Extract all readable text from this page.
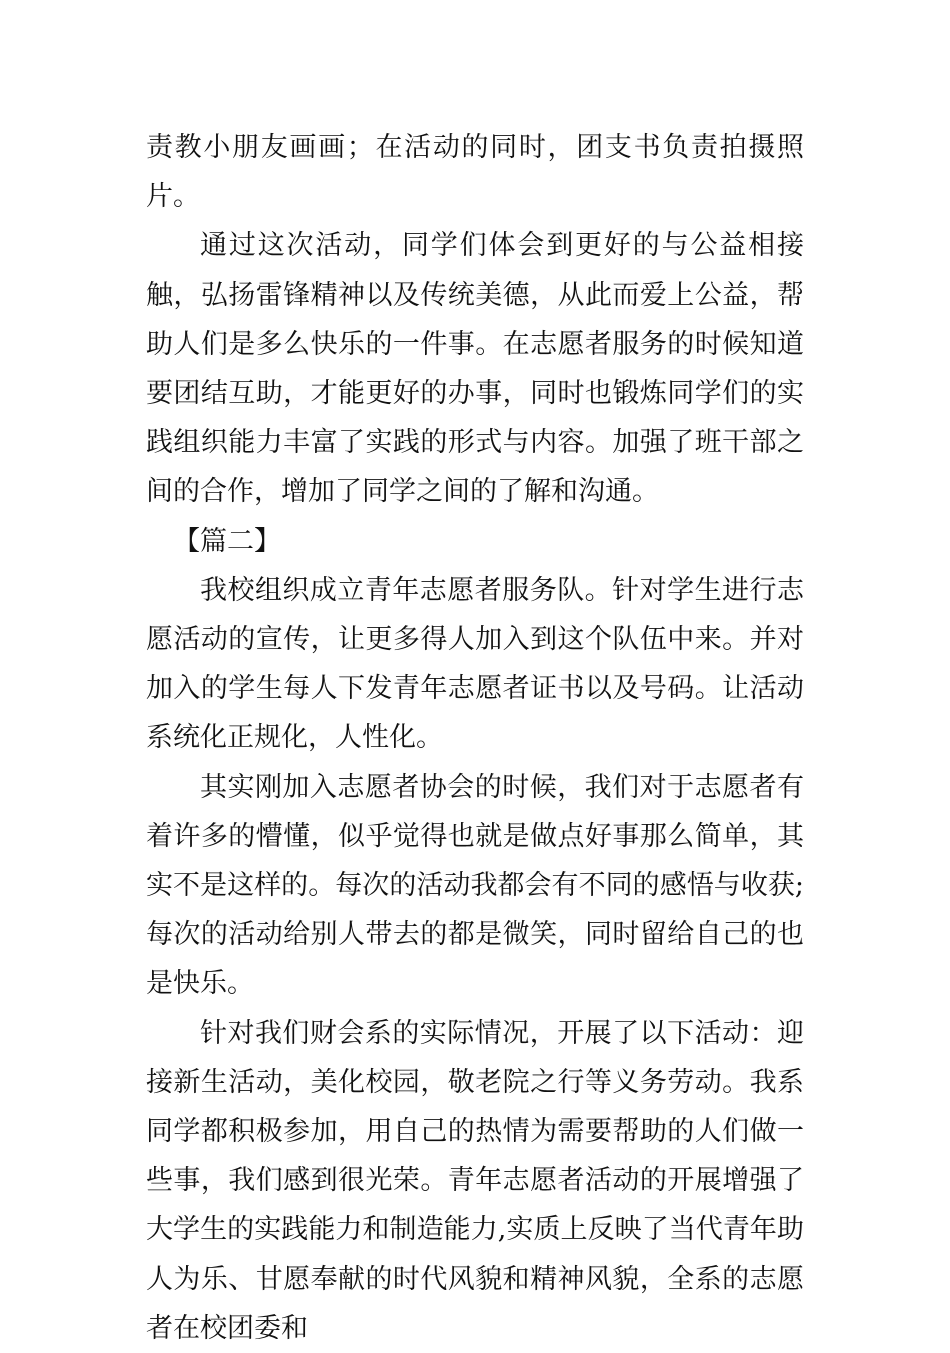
责教小朋友画画；在活动的同时，团支书负责拍摄照片。

通过这次活动，同学们体会到更好的与公益相接触，弘扬雷锋精神以及传统美德，从此而爱上公益，帮助人们是多么快乐的一件事。在志愿者服务的时候知道要团结互助，才能更好的办事，同时也锻炼同学们的实践组织能力丰富了实践的形式与内容。加强了班干部之间的合作，增加了同学之间的了解和沟通。

【篇二】

我校组织成立青年志愿者服务队。针对学生进行志愿活动的宣传，让更多得人加入到这个队伍中来。并对加入的学生每人下发青年志愿者证书以及号码。让活动系统化正规化，人性化。

其实刚加入志愿者协会的时候，我们对于志愿者有着许多的懵懂，似乎觉得也就是做点好事那么简单，其实不是这样的。每次的活动我都会有不同的感悟与收获;每次的活动给别人带去的都是微笑，同时留给自己的也是快乐。

针对我们财会系的实际情况，开展了以下活动：迎接新生活动，美化校园，敬老院之行等义务劳动。我系同学都积极参加，用自己的热情为需要帮助的人们做一些事，我们感到很光荣。青年志愿者活动的开展增强了大学生的实践能力和制造能力,实质上反映了当代青年助人为乐、甘愿奉献的时代风貌和精神风貌，全系的志愿者在校团委和
